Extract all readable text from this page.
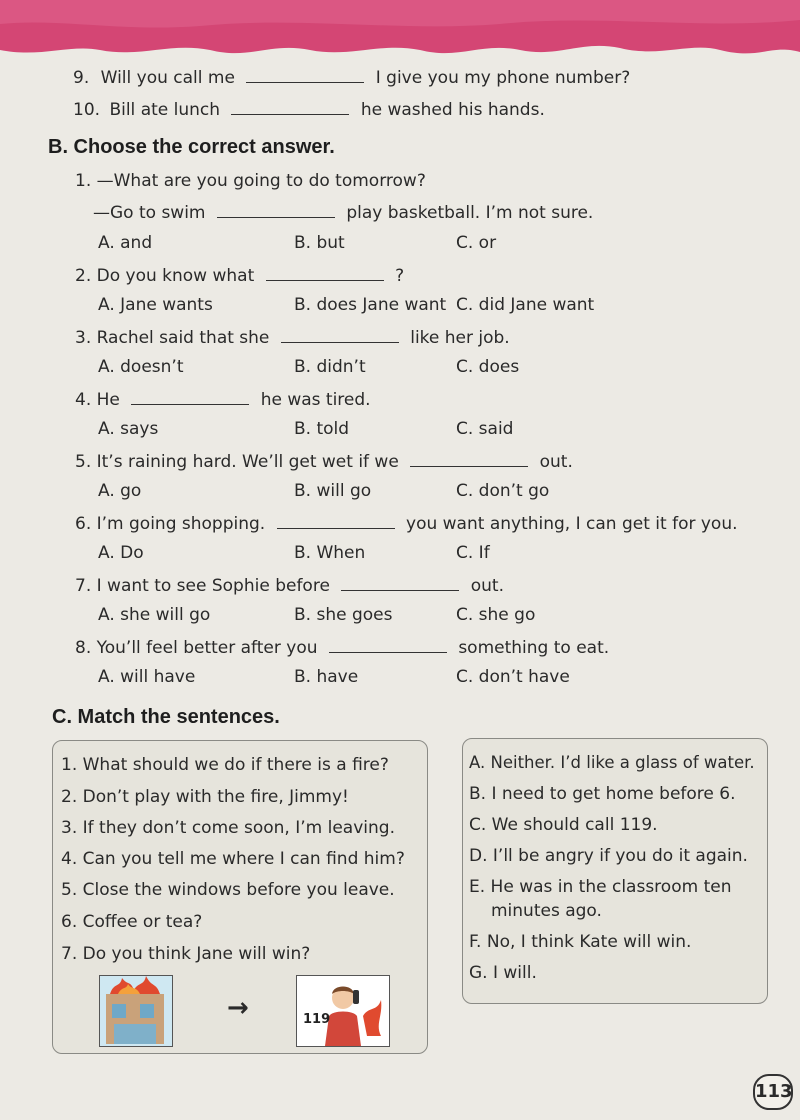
9. Will you call me	I give you my phone number?
10. Bill ate lunch	he washed his hands.
B. Choose the correct answer.
1. —What are you going to do tomorrow?
—Go to swim	play basketball. I’m not sure.
A. and	B. but	C. or
2. Do you know what	?
A. Jane wants	B. does Jane want C. did Jane want
3. Rachel said that she	like her job.
A. doesn’t	B. didn’t	C. does
4. He	he was tired.
A. says	B. told	C. said
5. It’s raining hard. We’ll get wet if we	out.
A. go	B. will go	C. don’t go
6. I’m going shopping.	you want anything, I can get it for you.
A. Do	B. When	C. If
7. I want to see Sophie before	out.
A. she will go	B. she goes	C. she go
8. You’ll feel better after you	something to eat.
A. will have	B. have	C. don’t have
C. Match the sentences.
1. What should we do if there is a fire?
2. Don’t play with the fire, Jimmy!
3. If they don’t come soon, I’m leaving.
4. Can you tell me where I can find him?
5. Close the windows before you leave.
6. Coffee or tea?
7. Do you think Jane will win?
→	119
A. Neither. I’d like a glass of water.
B. I need to get home before 6.
C. We should call 119.
D. I’ll be angry if you do it again.
E. He was in the classroom ten
minutes ago.
F. No, I think Kate will win.
G. I will.
113
